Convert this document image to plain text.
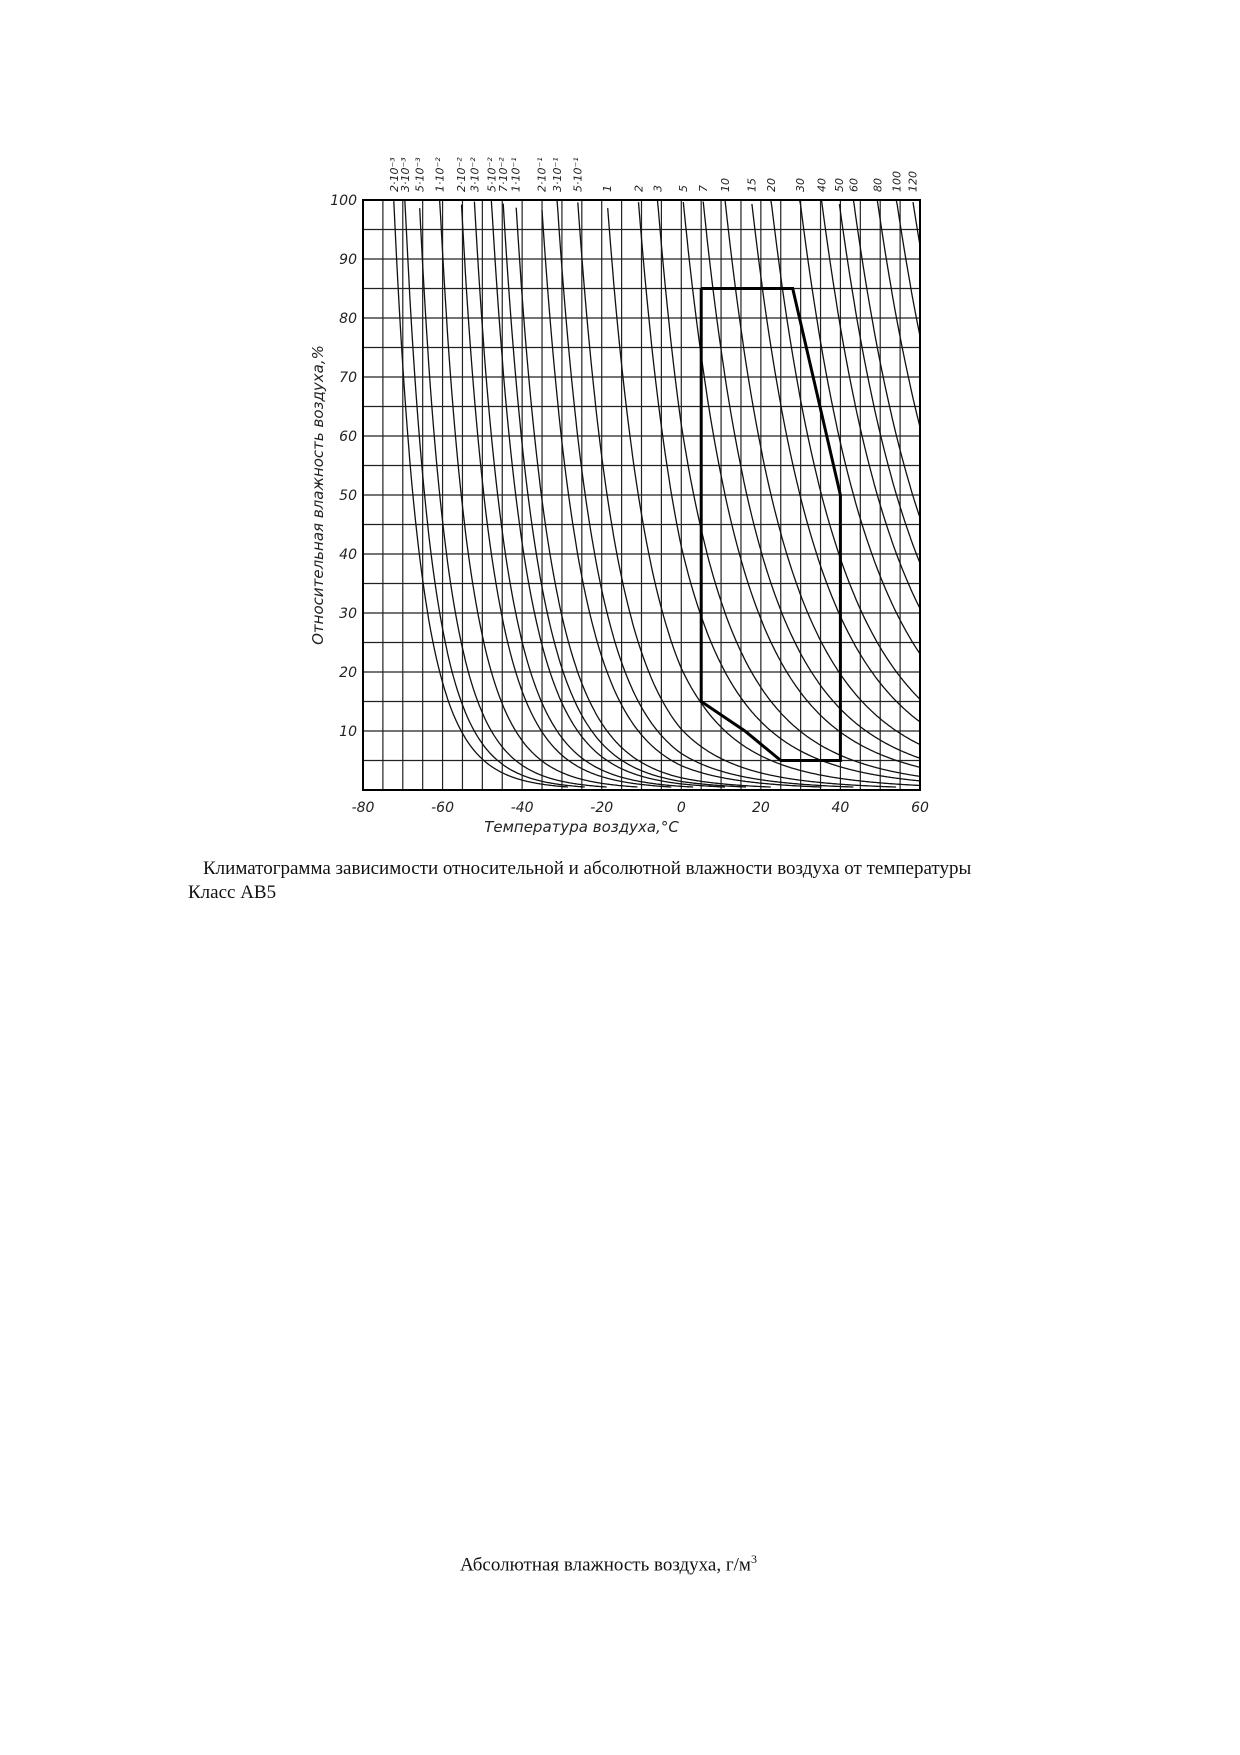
-80	-60	-40	-20	0	20	40	60
100
90
80
70
60
50
40
30
20
10
2·10⁻³
3·10⁻³ 5·10⁻³ 1·10⁻² 2·10⁻² 3·10⁻² 5·10⁻²
7·10⁻² 1·10⁻¹ 2·10⁻¹ 3·10⁻¹ 5·10⁻¹ 1 2 3 5 7 10 15 20 30 40 50 60 80 100 120
Температура воздуха,°С
Относительная влажность воздуха,%
Климатограмма зависимости относительной и абсолютной влажности воздуха от температуры
Класс АВ5
Абсолютная влажность воздуха, $г/м^3$
